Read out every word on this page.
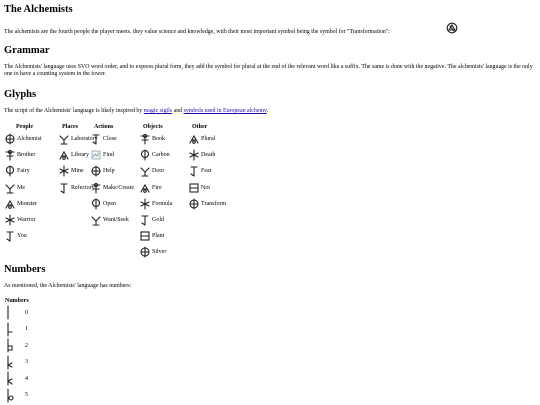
The Alchemists

The alchemists are the fourth people the player meets. they value science and knowledge, with their most important symbol being the symbol for "Transformation":

Grammar

The Alchemists' language uses SVO word order, and to express plural form, they add the symbol for plural at the end of the relevant word like a suffix. The same is done with the negative. The alchemists' language is the only one to have a counting system in the tower.

Glyphs

The script of the Alchemists' language is likely inspired by magic sigils and symbols used in European alchemy.

People
Alchemist
Brother
Fairy
Me
Monster
Warrior
You
Places
Laboratory
Library
Mine
Refectory
Actions
Close
Find
Help
Make/Create
Open
Want/Seek
Objects
Book
Carbon
Door
Fire
Formula
Gold
Plant
Silver
Other
Plural
Death
Fear
Not
Transform
Numbers

As mentioned, the Alchemists' language has numbers:

Numbers
0
1
2
3
4
5
